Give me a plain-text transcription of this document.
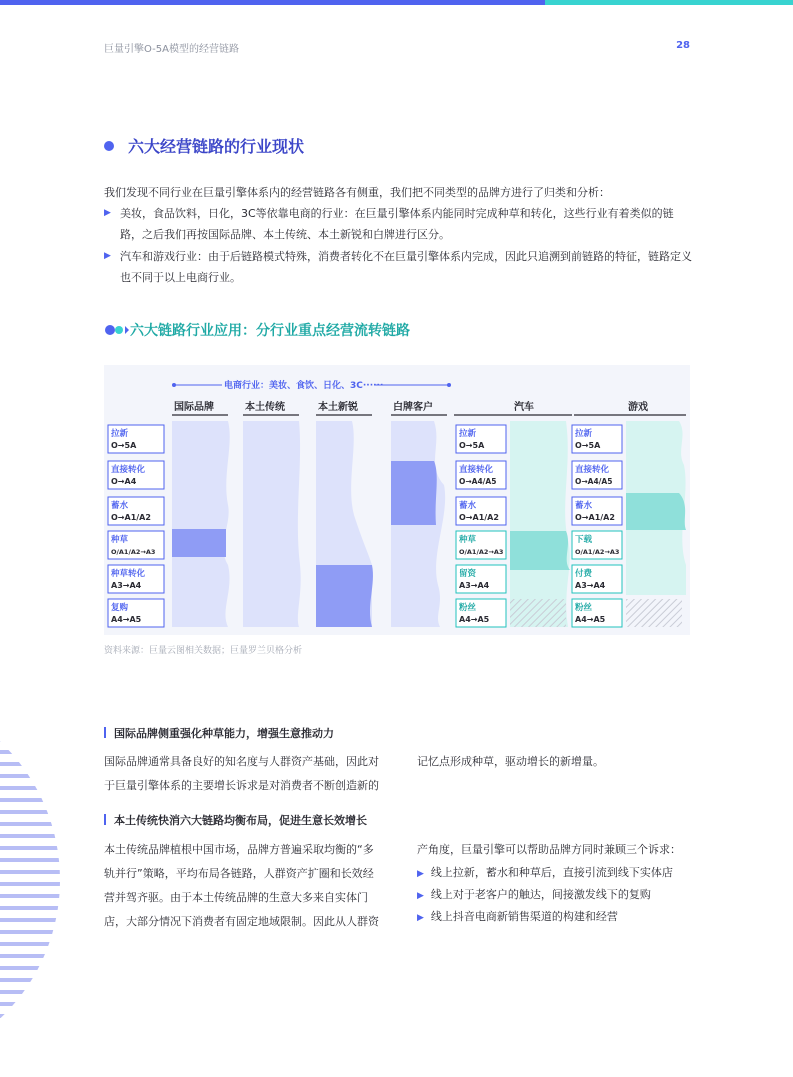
巨量引擎O-5A模型的经营链路	28
六大经营链路的行业现状
我们发现不同行业在巨量引擎体系内的经营链路各有侧重，我们把不同类型的品牌方进行了归类和分析：
▶ 美妆，食品饮料，日化，3C等依靠电商的行业：在巨量引擎体系内能同时完成种草和转化，这些行业有着类似的链
路，之后我们再按国际品牌、本土传统、本土新锐和白牌进行区分。
▶ 汽车和游戏行业：由于后链路模式特殊，消费者转化不在巨量引擎体系内完成，因此只追溯到前链路的特征，链路定义
也不同于以上电商行业。
六大链路行业应用：分行业重点经营流转链路
电商行业：美妆、食饮、日化、3C······
国际品牌	本土传统	本土新锐	白牌客户	汽车	游戏
拉新
O→5A
直接转化
O→A4
蓄水
O→A1/A2
种草
O/A1/A2→A3
种草转化
A3→A4
复购
A4→A5
拉新
O→5A
直接转化
O→A4/A5
蓄水
O→A1/A2
种草
O/A1/A2→A3
留资
A3→A4
粉丝
A4→A5
拉新
O→5A
直接转化
O→A4/A5
蓄水
O→A1/A2
下载
O/A1/A2→A3
付费
A3→A4
粉丝
A4→A5
资料来源：巨量云图相关数据；巨量罗兰贝格分析
国际品牌侧重强化种草能力，增强生意推动力
国际品牌通常具备良好的知名度与人群资产基础，因此对
于巨量引擎体系的主要增长诉求是对消费者不断创造新的
记忆点形成种草，驱动增长的新增量。
本土传统快消六大链路均衡布局，促进生意长效增长
本土传统品牌植根中国市场，品牌方普遍采取均衡的“多
轨并行”策略，平均布局各链路，人群资产扩圈和长效经
营并驾齐驱。由于本土传统品牌的生意大多来自实体门
店，大部分情况下消费者有固定地域限制。因此从人群资
产角度，巨量引擎可以帮助品牌方同时兼顾三个诉求：
▶ 线上拉新，蓄水和种草后，直接引流到线下实体店
▶ 线上对于老客户的触达，间接激发线下的复购
▶ 线上抖音电商新销售渠道的构建和经营
